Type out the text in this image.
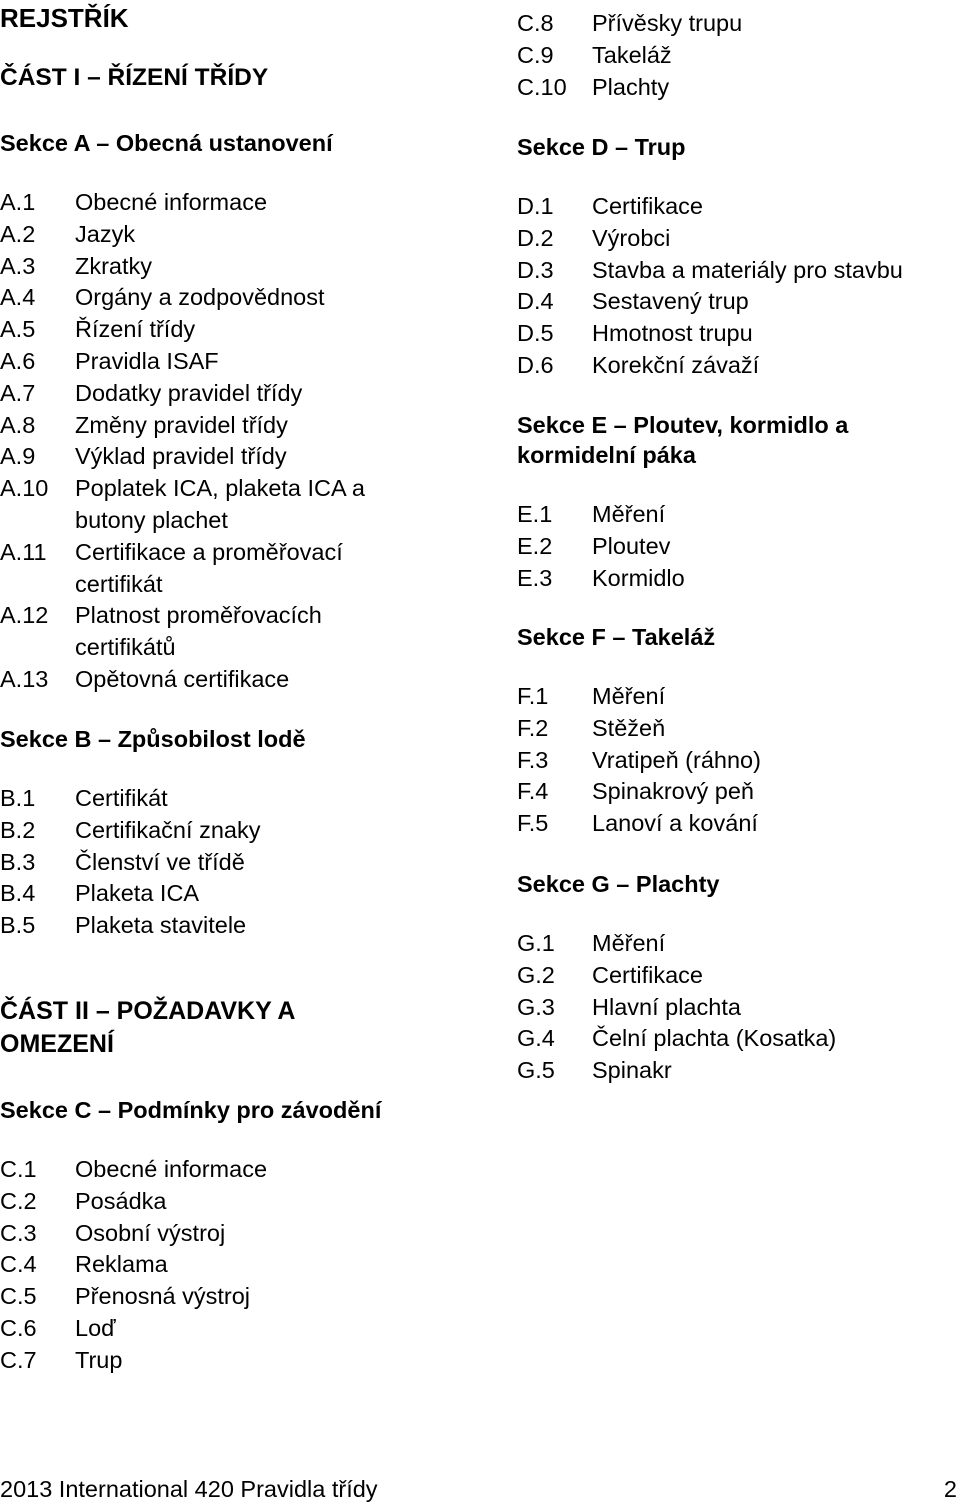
REJSTŘÍK
ČÁST I – ŘÍZENÍ TŘÍDY
Sekce A – Obecná ustanovení
A.1	Obecné informace
A.2	Jazyk
A.3	Zkratky
A.4	Orgány a zodpovědnost
A.5	Řízení třídy
A.6	Pravidla ISAF
A.7	Dodatky pravidel třídy
A.8	Změny pravidel třídy
A.9	Výklad pravidel třídy
A.10	Poplatek ICA, plaketa ICA a butony plachet
A.11	Certifikace a proměřovací certifikát
A.12	Platnost proměřovacích certifikátů
A.13	Opětovná certifikace
Sekce B – Způsobilost lodě
B.1	Certifikát
B.2	Certifikační znaky
B.3	Členství ve třídě
B.4	Plaketa ICA
B.5	Plaketa stavitele
ČÁST II – POŽADAVKY A OMEZENÍ
Sekce C – Podmínky pro závodění
C.1	Obecné informace
C.2	Posádka
C.3	Osobní výstroj
C.4	Reklama
C.5	Přenosná výstroj
C.6	Loď
C.7	Trup
C.8	Přívěsky trupu
C.9	Takeláž
C.10	Plachty
Sekce D – Trup
D.1	Certifikace
D.2	Výrobci
D.3	Stavba a materiály pro stavbu
D.4	Sestavený trup
D.5	Hmotnost trupu
D.6	Korekční závaží
Sekce E – Ploutev, kormidlo a kormidelní páka
E.1	Měření
E.2	Ploutev
E.3	Kormidlo
Sekce F – Takeláž
F.1	Měření
F.2	Stěžeň
F.3	Vratipeň (ráhno)
F.4	Spinakrový peň
F.5	Lanoví a kování
Sekce G – Plachty
G.1	Měření
G.2	Certifikace
G.3	Hlavní plachta
G.4	Čelní plachta (Kosatka)
G.5	Spinakr
2013 International 420 Pravidla třídy	2
